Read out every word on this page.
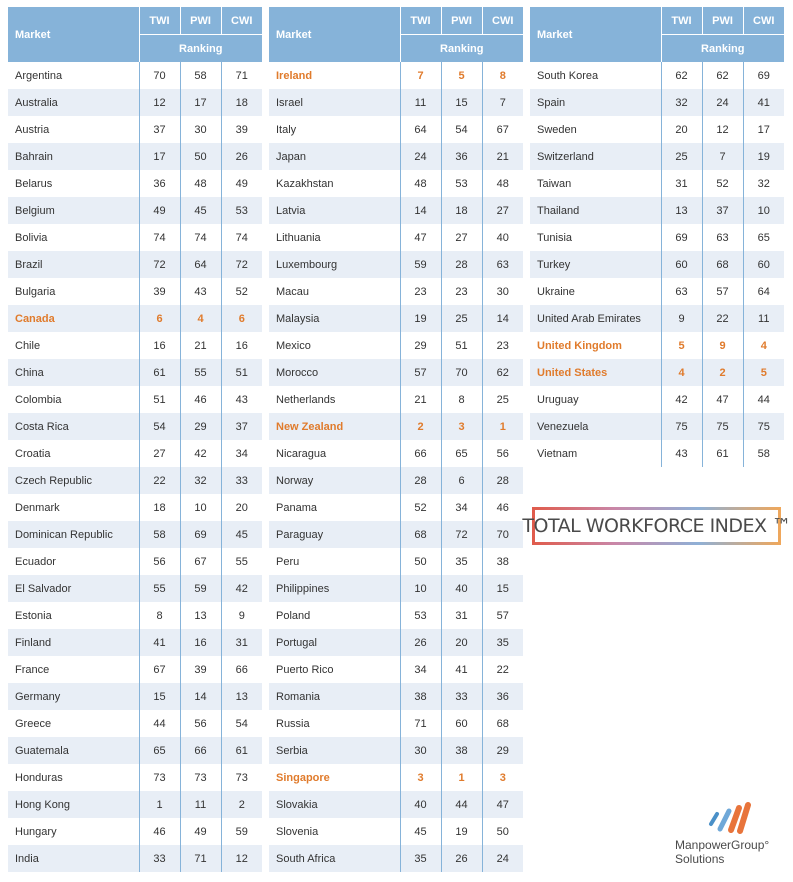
Market	TWI	PWI	CWI
	Ranking		
Argentina	70	58	71
Australia	12	17	18
Austria	37	30	39
Bahrain	17	50	26
Belarus	36	48	49
Belgium	49	45	53
Bolivia	74	74	74
Brazil	72	64	72
Bulgaria	39	43	52
Canada	6	4	6
Chile	16	21	16
China	61	55	51
Colombia	51	46	43
Costa Rica	54	29	37
Croatia	27	42	34
Czech Republic	22	32	33
Denmark	18	10	20
Dominican Republic	58	69	45
Ecuador	56	67	55
El Salvador	55	59	42
Estonia	8	13	9
Finland	41	16	31
France	67	39	66
Germany	15	14	13
Greece	44	56	54
Guatemala	65	66	61
Honduras	73	73	73
Hong Kong	1	11	2
Hungary	46	49	59
India	33	71	12
Market	TWI	PWI	CWI
	Ranking		
Ireland	7	5	8
Israel	11	15	7
Italy	64	54	67
Japan	24	36	21
Kazakhstan	48	53	48
Latvia	14	18	27
Lithuania	47	27	40
Luxembourg	59	28	63
Macau	23	23	30
Malaysia	19	25	14
Mexico	29	51	23
Morocco	57	70	62
Netherlands	21	8	25
New Zealand	2	3	1
Nicaragua	66	65	56
Norway	28	6	28
Panama	52	34	46
Paraguay	68	72	70
Peru	50	35	38
Philippines	10	40	15
Poland	53	31	57
Portugal	26	20	35
Puerto Rico	34	41	22
Romania	38	33	36
Russia	71	60	68
Serbia	30	38	29
Singapore	3	1	3
Slovakia	40	44	47
Slovenia	45	19	50
South Africa	35	26	24
Market	TWI	PWI	CWI
	Ranking		
South Korea	62	62	69
Spain	32	24	41
Sweden	20	12	17
Switzerland	25	7	19
Taiwan	31	52	32
Thailand	13	37	10
Tunisia	69	63	65
Turkey	60	68	60
Ukraine	63	57	64
United Arab Emirates	9	22	11
United Kingdom	5	9	4
United States	4	2	5
Uruguay	42	47	44
Venezuela	75	75	75
Vietnam	43	61	58
TOTAL WORKFORCE INDEX ™
ManpowerGroup°
Solutions
